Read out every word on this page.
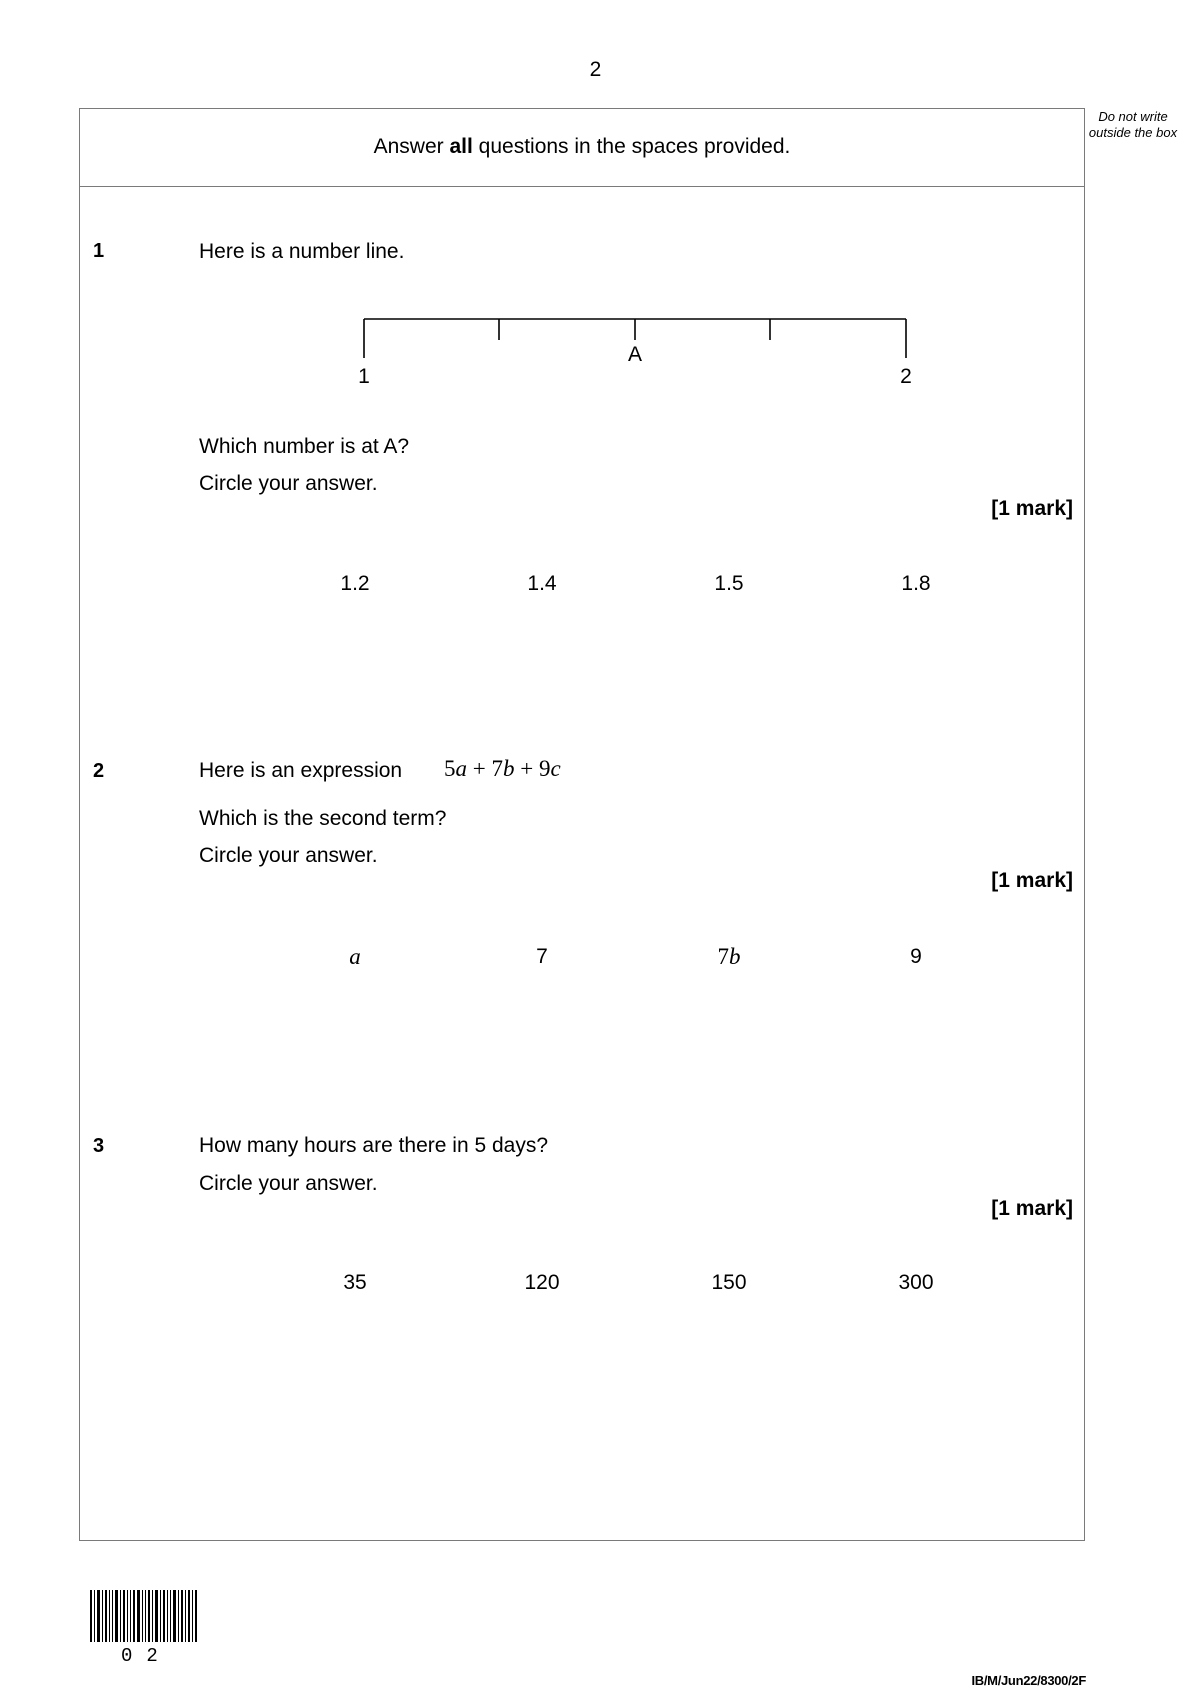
2
Do not write outside the box
Answer all questions in the spaces provided.
1	Here is a number line.
A
1	2
Which number is at A?
Circle your answer.
[1 mark]
1.2	1.4	1.5	1.8
2	Here is an expression 5a + 7b + 9c
Which is the second term?
Circle your answer.
[1 mark]
a	7	7b	9
3	How many hours are there in 5 days?
Circle your answer.
[1 mark]
35	120	150	300
02
IB/M/Jun22/8300/2F
